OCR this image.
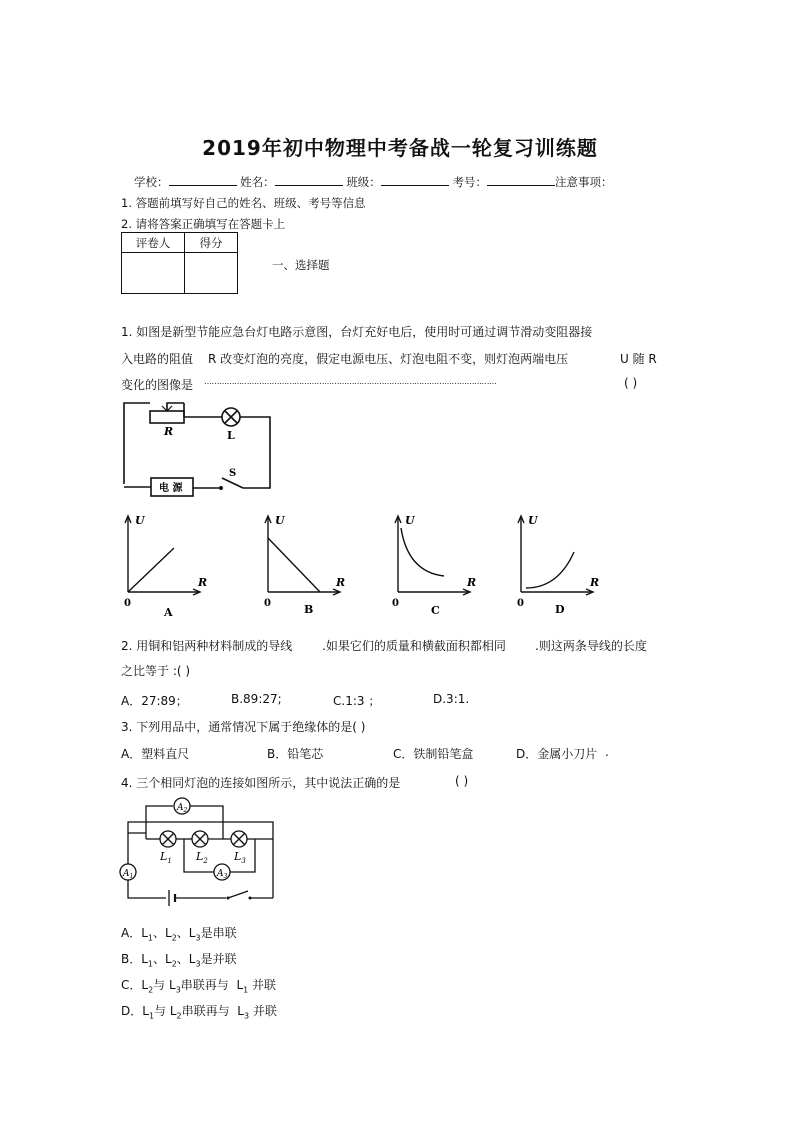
2019年初中物理中考备战一轮复习训练题
学校：	姓名：	班级：	考号：	注意事项：
1. 答题前填写好自己的姓名、班级、考号等信息
2. 请将答案正确填写在答题卡上
评卷人	得分

一、选择题
1. 如图是新型节能应急台灯电路示意图，台灯充好电后，使用时可通过调节滑动变阻器接
入电路的阻值 R 改变灯泡的亮度，假定电源电压、灯泡电阻不变，则灯泡两端电压	U 随 R
变化的图像是 ………………………………………………………………………………………………………	( )
R	L
S
电 源
U
R
0
A
U
R
0	B
U
R
0
C
U
R
0	D
2. 用铜和铝两种材料制成的导线 .如果它们的质量和横截面积都相同 .则这两条导线的长度
之比等于 :( )
A．27:89；	B.89:27;	C.1:3 ；	D.3:1.
3. 下列用品中，通常情况下属于绝缘体的是( )
A．塑料直尺	B．铅笔芯	C．铁制铅笔盒	D．金属小刀片 .
4. 三个相同灯泡的连接如图所示，其中说法正确的是	( )
$A_2$
$A_1$	$A_3$
$L_1$ $L_2$ $L_3$
A．$L_1$、$L_2$、$L_3$是串联
B．$L_1$、$L_2$、$L_3$是并联
C．$L_2$与 $L_3$串联再与 $L_1$ 并联
D．$L_1$与 $L_2$串联再与 $L_3$ 并联
